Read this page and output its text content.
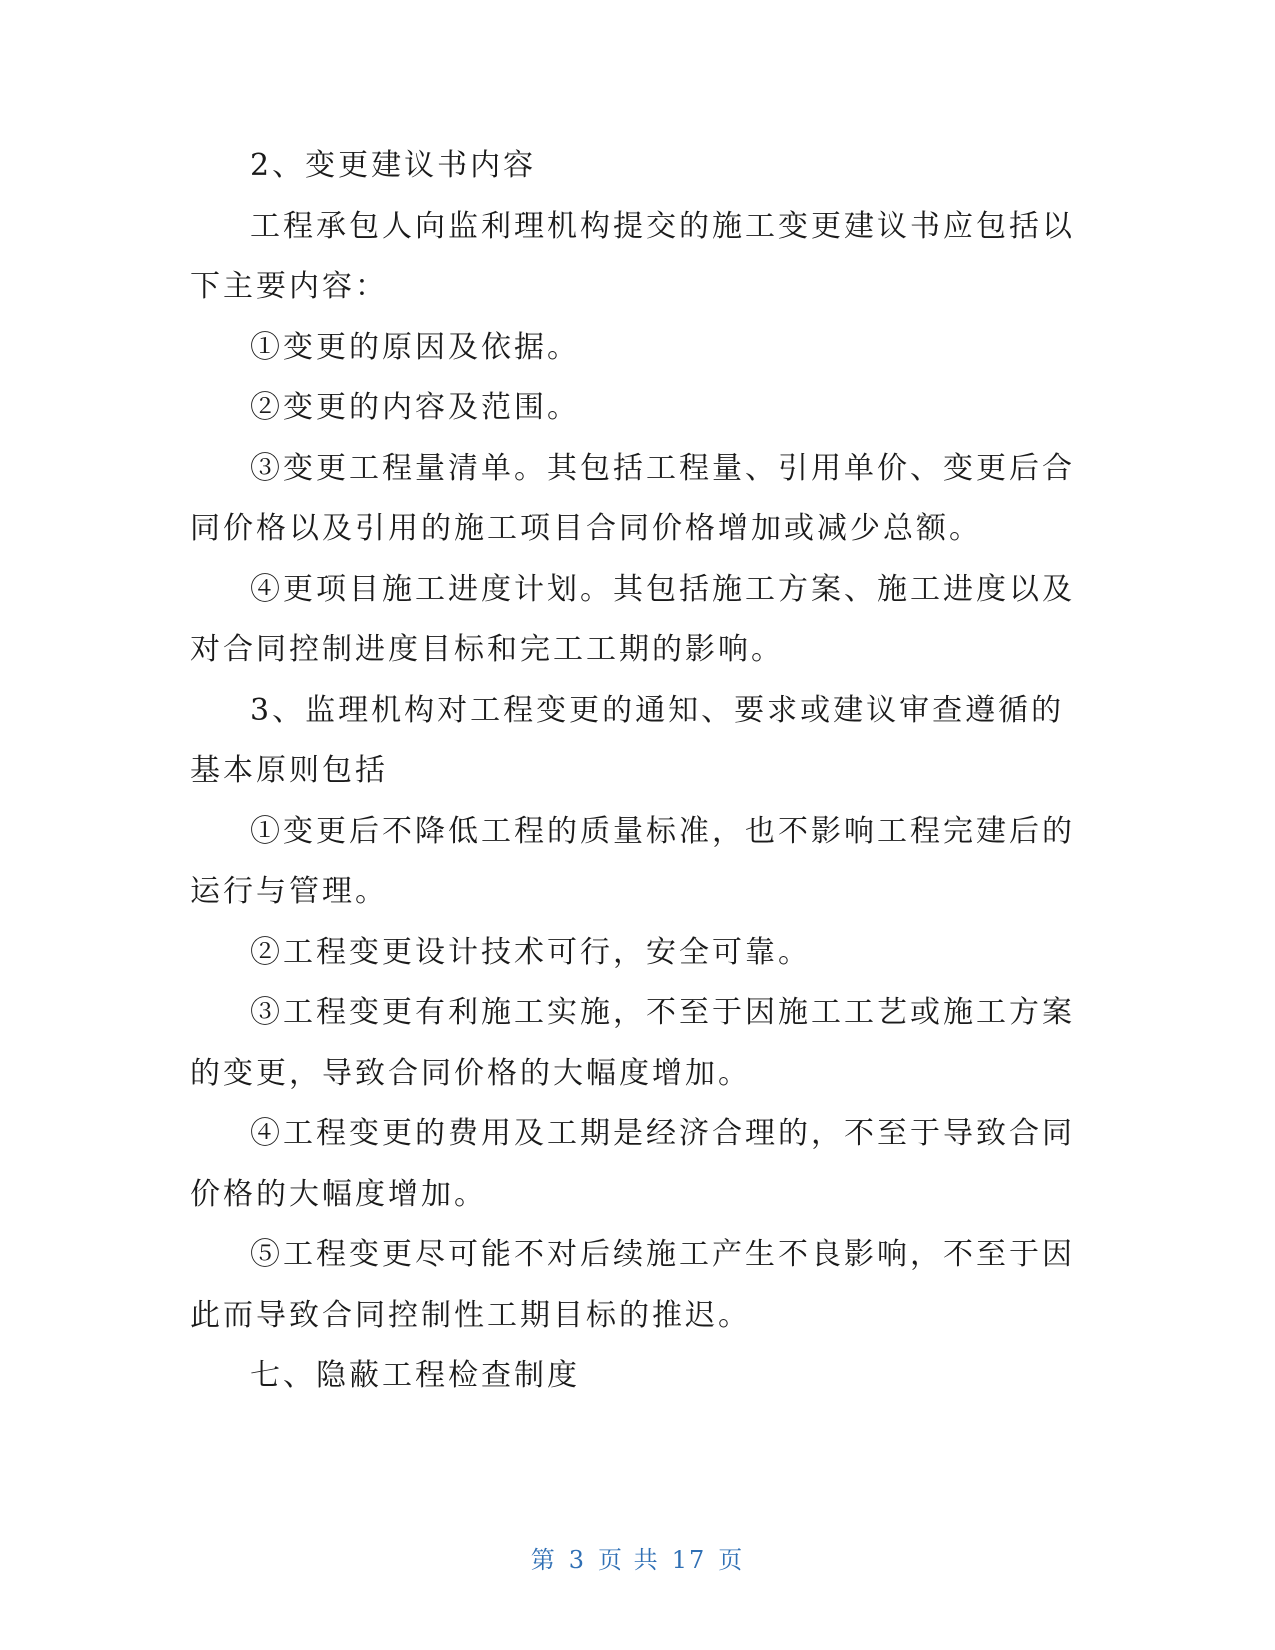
2、变更建议书内容

工程承包人向监利理机构提交的施工变更建议书应包括以下主要内容：

①变更的原因及依据。

②变更的内容及范围。

③变更工程量清单。其包括工程量、引用单价、变更后合同价格以及引用的施工项目合同价格增加或减少总额。

④更项目施工进度计划。其包括施工方案、施工进度以及对合同控制进度目标和完工工期的影响。

3、监理机构对工程变更的通知、要求或建议审查遵循的基本原则包括

①变更后不降低工程的质量标准，也不影响工程完建后的运行与管理。

②工程变更设计技术可行，安全可靠。

③工程变更有利施工实施，不至于因施工工艺或施工方案的变更，导致合同价格的大幅度增加。

④工程变更的费用及工期是经济合理的，不至于导致合同价格的大幅度增加。

⑤工程变更尽可能不对后续施工产生不良影响，不至于因此而导致合同控制性工期目标的推迟。

七、隐蔽工程检查制度

第 3 页 共 17 页
